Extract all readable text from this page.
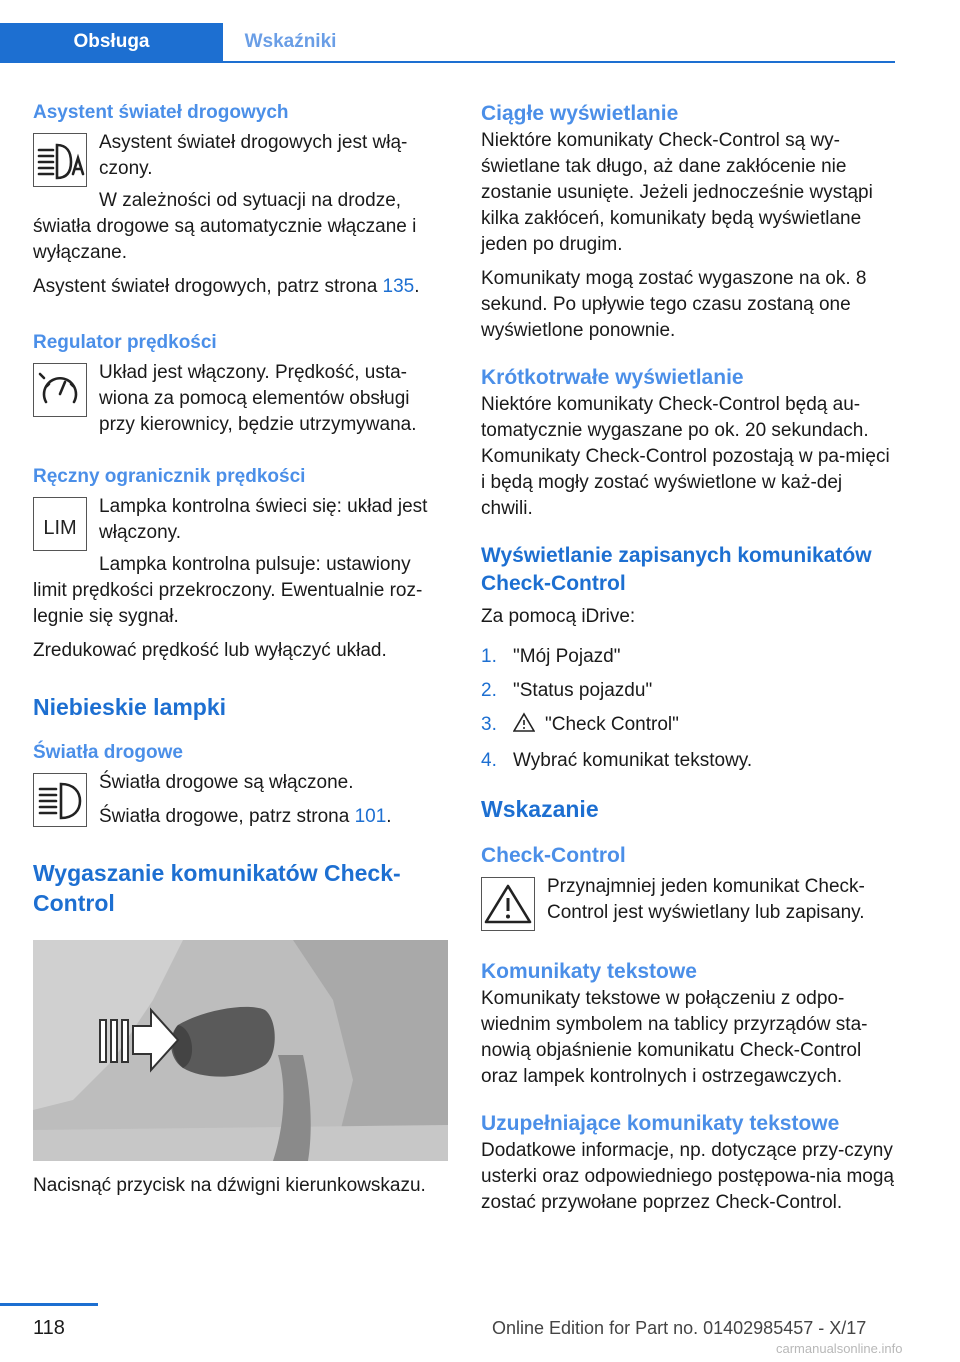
Obsługa	Wskaźniki
Asystent świateł drogowych

Asystent świateł drogowych jest włą‐czony.

W zależności od sytuacji na drodze, światła drogowe są automatycznie włączane i wyłączane.

Asystent świateł drogowych, patrz strona 135.

Regulator prędkości

Układ jest włączony. Prędkość, usta‐wiona za pomocą elementów obsługi przy kierownicy, będzie utrzymywana.

Ręczny ogranicznik prędkości
LIM

Lampka kontrolna świeci się: układ jest włączony.

Lampka kontrolna pulsuje: ustawiony limit prędkości przekroczony. Ewentualnie roz‐legnie się sygnał.

Zredukować prędkość lub wyłączyć układ.

Niebieskie lampki
Światła drogowe

Światła drogowe są włączone.

Światła drogowe, patrz strona 101.

Wygaszanie komunikatów Check-Control

Nacisnąć przycisk na dźwigni kierunkowskazu.

Ciągłe wyświetlanie

Niektóre komunikaty Check-Control są wy‐świetlane tak długo, aż dane zakłócenie nie zostanie usunięte. Jeżeli jednocześnie wystąpi kilka zakłóceń, komunikaty będą wyświetlane jeden po drugim.

Komunikaty mogą zostać wygaszone na ok. 8 sekund. Po upływie tego czasu zostaną one wyświetlone ponownie.

Krótkotrwałe wyświetlanie

Niektóre komunikaty Check-Control będą au‐tomatycznie wygaszane po ok. 20 sekundach. Komunikaty Check-Control pozostają w pa‐mięci i będą mogły zostać wyświetlone w każ‐dej chwili.

Wyświetlanie zapisanych komunikatów Check-Control

Za pomocą iDrive:

1. "Mój Pojazd"
2. "Status pojazdu"
3.	"Check Control"
4. Wybrać komunikat tekstowy.
Wskazanie
Check-Control

Przynajmniej jeden komunikat Check-Control jest wyświetlany lub zapisany.

Komunikaty tekstowe

Komunikaty tekstowe w połączeniu z odpo‐wiednim symbolem na tablicy przyrządów sta‐nowią objaśnienie komunikatu Check-Control oraz lampek kontrolnych i ostrzegawczych.

Uzupełniające komunikaty tekstowe

Dodatkowe informacje, np. dotyczące przy‐czyny usterki oraz odpowiedniego postępowa‐nia mogą zostać przywołane poprzez Check-Control.

118	Online Edition for Part no. 01402985457 - X/17
carmanualsonline.info
